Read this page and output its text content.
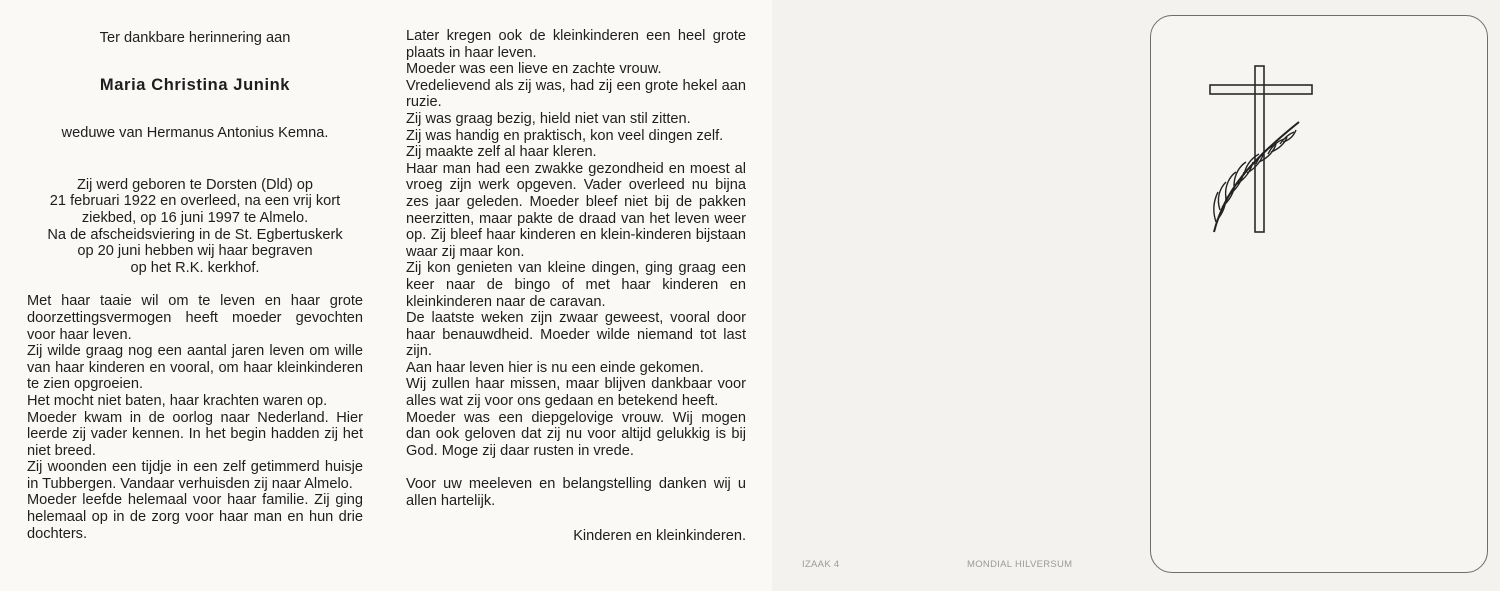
Ter dankbare herinnering aan
Maria Christina Junink
weduwe van Hermanus Antonius Kemna.
Zij werd geboren te Dorsten (Dld) op
21 februari 1922 en overleed, na een vrij kort
ziekbed, op 16 juni 1997 te Almelo.
Na de afscheidsviering in de St. Egbertuskerk
op 20 juni hebben wij haar begraven
op het R.K. kerkhof.

Met haar taaie wil om te leven en haar grote doorzettingsvermogen heeft moeder gevochten voor haar leven.

Zij wilde graag nog een aantal jaren leven om wille van haar kinderen en vooral, om haar kleinkinderen te zien opgroeien.

Het mocht niet baten, haar krachten waren op.

Moeder kwam in de oorlog naar Nederland. Hier leerde zij vader kennen. In het begin hadden zij het niet breed.

Zij woonden een tijdje in een zelf getimmerd huisje in Tubbergen. Vandaar verhuisden zij naar Almelo.

Moeder leefde helemaal voor haar familie. Zij ging helemaal op in de zorg voor haar man en hun drie dochters.

Later kregen ook de kleinkinderen een heel grote plaats in haar leven.

Moeder was een lieve en zachte vrouw.

Vredelievend als zij was, had zij een grote hekel aan ruzie.

Zij was graag bezig, hield niet van stil zitten.

Zij was handig en praktisch, kon veel dingen zelf.

Zij maakte zelf al haar kleren.

Haar man had een zwakke gezondheid en moest al vroeg zijn werk opgeven. Vader overleed nu bijna zes jaar geleden. Moeder bleef niet bij de pakken neerzitten, maar pakte de draad van het leven weer op. Zij bleef haar kinderen en klein-kinderen bijstaan waar zij maar kon.

Zij kon genieten van kleine dingen, ging graag een keer naar de bingo of met haar kinderen en kleinkinderen naar de caravan.

De laatste weken zijn zwaar geweest, vooral door haar benauwdheid. Moeder wilde niemand tot last zijn.

Aan haar leven hier is nu een einde gekomen.

Wij zullen haar missen, maar blijven dankbaar voor alles wat zij voor ons gedaan en betekend heeft.

Moeder was een diepgelovige vrouw. Wij mogen dan ook geloven dat zij nu voor altijd gelukkig is bij God. Moge zij daar rusten in vrede.

Voor uw meeleven en belangstelling danken wij u allen hartelijk.

Kinderen en kleinkinderen.
IZAAK 4	MONDIAL HILVERSUM
